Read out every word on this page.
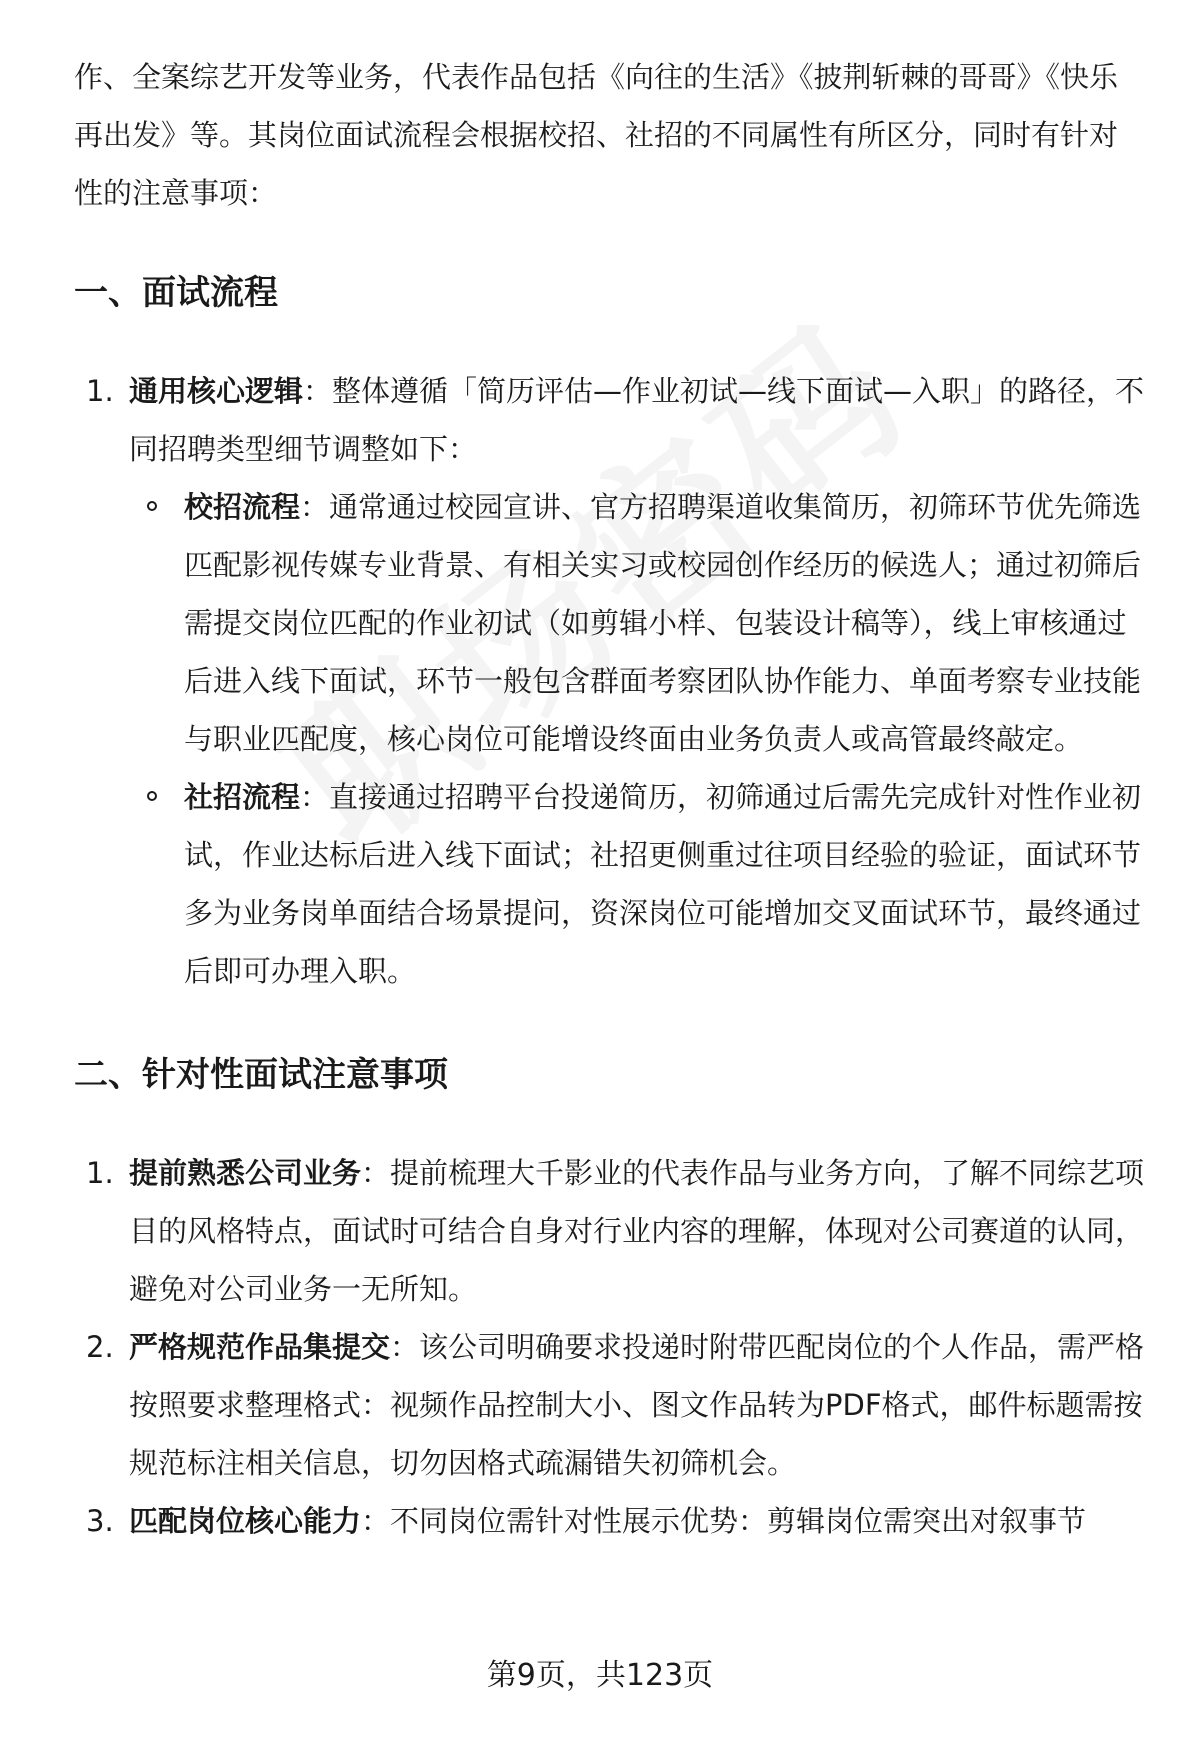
作、全案综艺开发等业务，代表作品包括《向往的生活》《披荆斩棘的哥哥》《快乐再出发》等。其岗位面试流程会根据校招、社招的不同属性有所区分，同时有针对性的注意事项：

一、面试流程
1. 通用核心逻辑：整体遵循「简历评估—作业初试—线下面试—入职」的路径，不同招聘类型细节调整如下：
校招流程：通常通过校园宣讲、官方招聘渠道收集简历，初筛环节优先筛选匹配影视传媒专业背景、有相关实习或校园创作经历的候选人；通过初筛后需提交岗位匹配的作业初试（如剪辑小样、包装设计稿等），线上审核通过后进入线下面试，环节一般包含群面考察团队协作能力、单面考察专业技能与职业匹配度，核心岗位可能增设终面由业务负责人或高管最终敲定。
社招流程：直接通过招聘平台投递简历，初筛通过后需先完成针对性作业初试，作业达标后进入线下面试；社招更侧重过往项目经验的验证，面试环节多为业务岗单面结合场景提问，资深岗位可能增加交叉面试环节，最终通过后即可办理入职。
二、针对性面试注意事项
1. 提前熟悉公司业务：提前梳理大千影业的代表作品与业务方向，了解不同综艺项目的风格特点，面试时可结合自身对行业内容的理解，体现对公司赛道的认同，避免对公司业务一无所知。
2. 严格规范作品集提交：该公司明确要求投递时附带匹配岗位的个人作品，需严格按照要求整理格式：视频作品控制大小、图文作品转为PDF格式，邮件标题需按规范标注相关信息，切勿因格式疏漏错失初筛机会。
3. 匹配岗位核心能力：不同岗位需针对性展示优势：剪辑岗位需突出对叙事节
第9页，共123页
